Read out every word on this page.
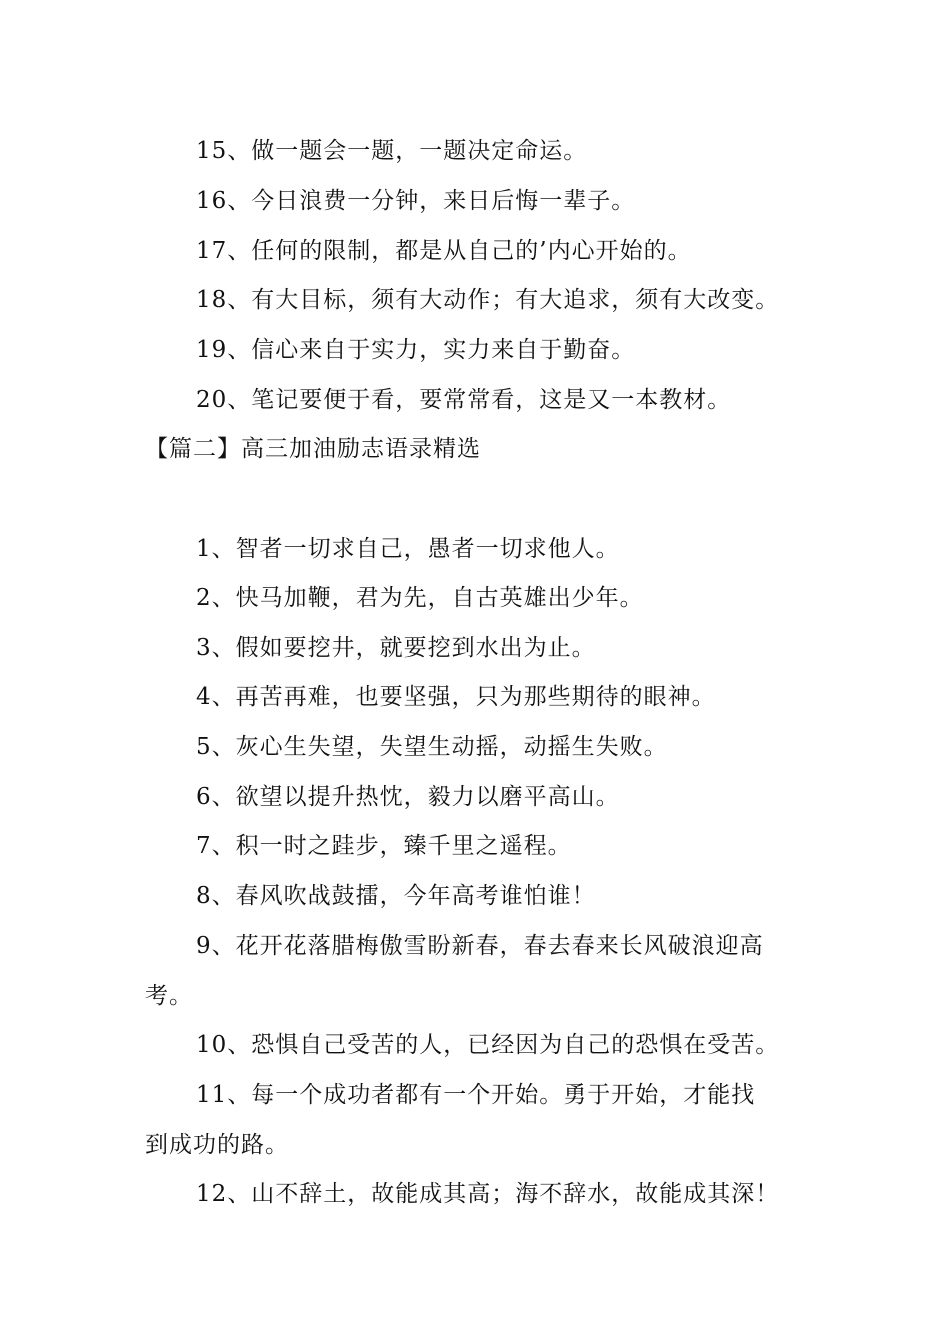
15、做一题会一题，一题决定命运。
16、今日浪费一分钟，来日后悔一辈子。
17、任何的限制，都是从自己的’内心开始的。
18、有大目标，须有大动作；有大追求，须有大改变。
19、信心来自于实力，实力来自于勤奋。
20、笔记要便于看，要常常看，这是又一本教材。
【篇二】高三加油励志语录精选
1、智者一切求自己，愚者一切求他人。
2、快马加鞭，君为先，自古英雄出少年。
3、假如要挖井，就要挖到水出为止。
4、再苦再难，也要坚强，只为那些期待的眼神。
5、灰心生失望，失望生动摇，动摇生失败。
6、欲望以提升热忱，毅力以磨平高山。
7、积一时之跬步，臻千里之遥程。
8、春风吹战鼓擂，今年高考谁怕谁！
9、花开花落腊梅傲雪盼新春，春去春来长风破浪迎高
考。
10、恐惧自己受苦的人，已经因为自己的恐惧在受苦。
11、每一个成功者都有一个开始。勇于开始，才能找
到成功的路。
12、山不辞土，故能成其高；海不辞水，故能成其深！
